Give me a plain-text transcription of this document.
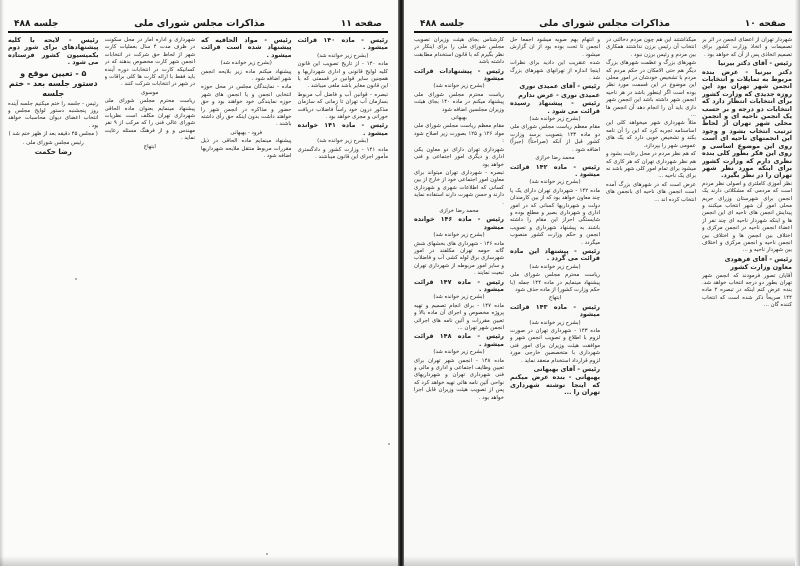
صفحه ۱۱
مذاکرات مجلس شورای ملی
جلسه ۴۸۸

رئیس - ماده ۱۴۰ قرائت میشود .

(بشرح زیر خوانده شد)

ماده ۱۴۰ - از تاریخ تصویب این قانون کلیه لوایح قانونی و اداری شهرداریها و همچنین سایر قوانین در قسمتی که با این قانون مغایر باشد ملغی میباشد .

تبصره - قوانین آب و فاضل آب مربوط بسازمان آب تهران تا زمانی که سازمان مذکور درون خود راساً فاضلاب دریافت خورانی و مجری خواهد بود .

رئیس - ماده ۱۴۱ خوانده میشود .

(بشرح زیر خوانده شد)

ماده ۱۴۱ - وزارت کشور و دادگستری مأمور اجرای این قانون میباشند .

رئیس - مواد الحاقیه که پیشنهاد شده است قرائت میشود .

(بشرح زیر خوانده شد)

پیشنهاد میکنم ماده زیر بلایحه انجمن شهر اضافه شود .

ماده - نمایندگان مجلس در محل حوزه انتخابی انجمن و یا انجمن های شهر حوزه نمایندگی خود خواهند بود و حق حضور و مذاکره در انجمن شهر را خواهند داشت بدون اینکه حق رأی داشته باشند .

فرود - بهبهانی

پیشنهاد مینمایم ماده الحاقی در ذیل مقررات مربوط منتقل ملایحه شهرداریها اضافه شود .

شهرداری و اداره آمار در محل سکونت در ظرف مدت ۴ سال بعملیات کارت شهر از لحاظ حق شرکت در انتخابات انجمن شهر کارت مخصوص بدهند که در کسانیکه کارت در انتخابات دوره آینده باید فقط با ارائه کارت ها کلی براقات و در شهر در انتخابات شرکت کنند .

موسوی

ریاست محترم مجلس شورای ملی پیشنهاد مینمایم بعنوان ماده الحاقی شهرداری تهران مکلف است نظریات شورای عالی فنی را که مرکب از ۹ نفر مهندس و و از فرهنگ مسئله رعایت نماید .

ابتهاج

رئیس - لایحه با کلیه پیشنهادهای برای شور دوم بکمیسیون کشور فرستاده می شود .

۵ - تعیین موقع و دستور جلسه بعد - ختم جلسه

رئیس - جلسه را ختم میکنیم جلسه آینده روز پنجشنبه دستور لوایح مجلس و انتخاب اعضای دیوان محاسبات خواهد بود .

( مجلس ۴۵ دقیقه بعد از ظهر ختم شد )

رئیس مجلس شورای ملی .

رضا حکمت

صفحه ۱۰
مذاکرات مجلس شورای ملی
جلسه ۴۸۸

شهردار تهران از اعضای انجمن در اثر بر تصمیمات و اتخاذ وزارت کشور برای تصمیم اتخاذی پس از آن که خواهد بود .

رئیس - آقای دکتر بیرنیا

دکتر بیرنیا - عرض بنده مربوط به تمایلات و انتخابات انجمن شهر تهران بود این روزه جدیدی که وزارت کشور برای انتخابات انتظار دارد که انتخابات دو درجه و بر حسب یک انجمن ناحیه ای و انجمن محلی شهر تهران از لحاظ ترتیب انتخاب بشود و وجود این انجمنهای ناحیه ای است روی این موضوع اساسی و روی این فکر بطور کلی بنده نظری دارم که وزارت کشور برای اینکه مورد نظر شهر تهران را در نظر بگیرد.

نظر آموزی کاملتری و اصولی نظر مردم است که مردمی که مشکلاتی دارند یک انجمن برای شهرستان وزرای حریم محلی امور آن شهر انتخاب میکنند و پیدایش انجمن های ناحیه ای این انجمن ها و اینکه شهردار ناحیه ای چند نفر از اعضاء انجمن ناحیه در انجمن مرکزی و اختلاف بین انجمن ها و اختلاف بین انجمن ناحیه و انجمن مرکزی و اختلاف بین شهردار ناحیه و ...

رئیس - آقای فرهودی

معاون وزارت کشور

آقایان تصور فرمودند که انجمن شهر تهران بطور دو درجه انتخاب خواهد شد. بنده عرض کنم اینکه در تبصره ۲ ماده ۱۴۴ صریحاً ذکر شده است که انتخاب کننده گان ...

میگذاشتند این هم چون مردم دخالتی در انتخاب آن رئیس برزن نداشتند همکاری بین مردم و رئیس برزن نبود .

شهرهای بزرگ و عظمت شهرهای بزرگ دیگر هم حتی الامکان در حکم مردم که مردم با تشخیص خودشان در امور محلی این موضوع در این قسمت مورد نظر بوده است اگر اینطور باشد در هر ناحیه انجمن شهر داشته باشد این انجمن شهر داری باید آن را انجام دهد آن انجمن ها ...

مثلاً شهرداری شهر میخواهد کلی این اساسنامه تجربه کرد که این را آن نامه بکند و تشخیص خوبی دارد که یک های عمومی شهر را بپردازد.

که هم نظر مردم در محل رعایت بشود و هم نظر شهرداری تهران که هر کاری که میشود برای تمام امور کلی شهر باشد نه برای یک ناحیه ...

عرض است که در شهرهای بزرگ آمده است انجمن های ناحیه ای بانجمن های انتخاب کرده اند ...

و انتهام بهم صوبه میشود اجمعا حل انجمن تا تحت بوده بود از ان گزارش میشود .

شده عنقریب این دادید برای نظرات اینجا اندازه از تهرانهای شهرهای بزرگ شد .

رئیس - آقای عمیدی نوری

عمیدی نوری - عرض ندارم

رئیس - پیشنهاد رسیده قرائت می شود .

(بشرح زیر خوانده شد)

مقام معظم ریاست مجلس شورای ملی دو ماده ۱۴۳ بتصویب برسد وزارت کشور قبل از آنکه (صراحتاً) (جبراً) اضافه شود .

محمد رضا خرازی

رئیس - ماده ۱۴۲ قرائت میشود .

(بشرح زیر خوانده شد)

ماده ۱۴۲ - شهرداری تهران دارای یک یا چند معاون خواهد بود که از بین کارمندان دولت و شهرداریها کسانی که در امور اداری و شهرداری بصیر و مطلع بوده و شایستگی احراز این مقام را داشته باشند به پیشنهاد شهرداری و تصویب انجمن و حکم وزارت کشور منصوب میگردد .

رئیس - پیشنهاد این ماده قرائت می گردد .

(بشرح زیر خوانده شد)

ریاست محترم مجلس شورای ملی پیشنهاد مینمایم در ماده ۱۴۴ جمله (با حکم وزارت کشور) از ماده حذف شود

ابتهاج

رئیس - ماده ۱۴۳ قرائت میشود

(بشرح زیر خوانده شد)

ماده ۱۴۳ - شهرداری تهران در صورت لزوم با اطلاع و تصویب انجمن شهر و موافقت هیئت وزیران برای امور فنی شهرداری با متخصصین خارجی مورد لزوم قرارداد استخدام منعقد نماید .

رئیس - آقای بهبهانی

بهبهانی - بنده عرض میکنم که اینجا نوشته شهرداری تهران را ...

کارشناس بجای هیئت وزیران تصویب مجلس شورای ملی را برای اینکار در نظر بگیرم که با قانون استخدام مطابقت داشته باشد

رئیس - پیشنهادات قرائت میشود

(بشرح زیر خوانده شد)

ریاست محترم مجلس شورای ملی پیشنهاد میکنم در ماده ۱۴۰ بجای هیئت وزیران مجلسین اضافه شود

بهبهانی

مقام معظم ریاست مجلس شورای ملی مواد ۱۲۶ و ۱۲۵ بصورت زیر اصلاح شود :

شهرداری تهران دارای دو معاون یکی اداری و دیگری امور اجتماعی و فنی خواهد بود

تبصره - شهرداری تهران میتواند برای معاون امور اجتماعی خود از خارج از بین کسانی که اطلاعات شهری و شهرداری دارند و حسن شهرت دارند استفاده نماید .

محمد رضا خرازی

رئیس - ماده ۱۴۶ خوانده میشود

(بشرح زیر خوانده شد)

ماده ۱۴۶ - شهرداری های بخشهای شش گانه حومه تهران مکلفند در امور شهرسازی برق لوله کشی آب و فاضلاب و سایر امور مربوطه از شهرداری تهران تبعیت نمایند .

رئیس - ماده ۱۴۷ قرائت میشود .

(بشرح زیر خوانده شد)

ماده ۱۴۷ - برای انجام تصمیم و تهیه پروژه مخصوص و اجرای آن ماده بالا و تعیین مقررات و آئین نامه های اجرائی انجمن شهر تهران ...

رئیس - ماده ۱۴۸ قرائت میشود .

(بشرح زیر خوانده شد)

ماده ۱۴۸ - انجمن شهر تهران برای تعیین وظایف اجتماعی و اداری و مالی و فنی شهرداری تهران و شهرداریهای نواحی آئین نامه هائی تهیه خواهد کرد که پس از تصویب هیئت وزیران قابل اجرا خواهد بود .
